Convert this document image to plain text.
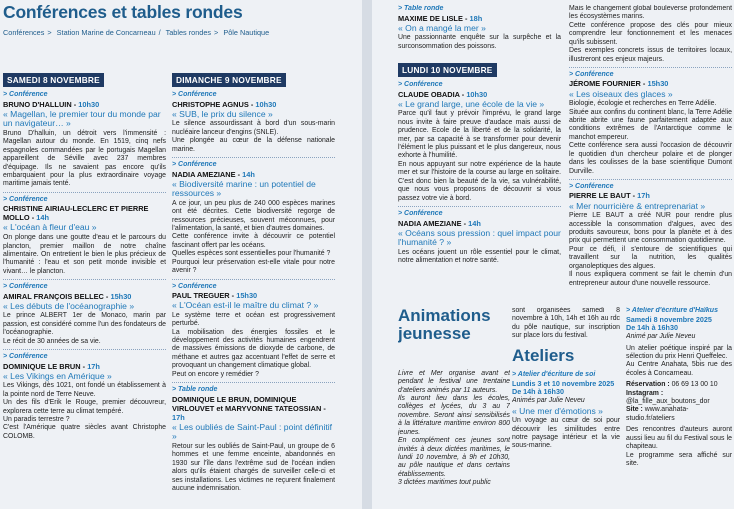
Conférences et tables rondes
Conférences > Station Marine de Concarneau / Tables rondes > Pôle Nautique
SAMEDI 8 NOVEMBRE
> Conférence
BRUNO D'HALLUIN - 10h30
« Magellan, le premier tour du monde par un navigateur… »
Bruno D'halluin, un détroit vers l'immensité : Magellan autour du monde. En 1519, cinq nefs espagnoles commandées par le portugais Magellan appareillent de Séville avec 237 membres d'équipage. Ils ne savaient pas encore qu'ils embarquaient pour la plus extraordinaire voyage maritime jamais tenté.
> Conférence
CHRISTINE AIRIAU-LECLERC ET PIERRE MOLLO - 14h
« L'océan à fleur d'eau »
On plonge dans une goutte d'eau et le parcours du plancton, premier maillon de notre chaîne alimentaire. On entretient le bien le plus précieux de l'humanité : l'eau et son petit monde invisible et vivant… le plancton.
> Conférence
AMIRAL FRANÇOIS BELLEC - 15h30
« Les débuts de l'océanographie »
Le prince ALBERT 1er de Monaco, marin par passion, est considéré comme l'un des fondateurs de l'océanographie.
Le récit de 30 années de sa vie.
> Conférence
DOMINIQUE LE BRUN - 17h
« Les Vikings en Amérique »
Les Vikings, dès 1021, ont fondé un établissement à la pointe nord de Terre Neuve.
Un des fils d'Erik le Rouge, premier découvreur, explorera cette terre au climat tempéré.
Un paradis terrestre ?
C'est l'Amérique quatre siècles avant Christophe COLOMB.
DIMANCHE 9 NOVEMBRE
> Conférence
CHRISTOPHE AGNUS - 10h30
« SUB, le prix du silence »
Le silence assourdissant à bord d'un sous-marin nucléaire lanceur d'engins (SNLE).
Une plongée au cœur de la défense nationale marine.
> Conférence
NADIA AMEZIANE - 14h
« Biodiversité marine : un potentiel de ressources »
A ce jour, un peu plus de 240 000 espèces marines ont été décrites. Cette biodiversité regorge de ressources précieuses, souvent méconnues, pour l'alimentation, la santé, et bien d'autres domaines.
Cette conférence invite à découvrir ce potentiel fascinant offert par les océans.
Quelles espèces sont essentielles pour l'humanité ?
Pourquoi leur préservation est-elle vitale pour notre avenir ?
> Conférence
PAUL TREGUER - 15h30
« L'Océan est-il le maître du climat ? »
Le système terre et océan est progressivement perturbé.
La mobilisation des énergies fossiles et le développement des activités humaines engendrent de massives émissions de dioxyde de carbone, de méthane et autres gaz accentuant l'effet de serre et provoquant un changement climatique global.
Peut on encore y remédier ?
> Table ronde
DOMINIQUE LE BRUN, DOMINIQUE VIRLOUVET et MARYVONNE TATEOSSIAN - 17h
« Les oubliés de Saint-Paul : point définitif »
Retour sur les oubliés de Saint-Paul, un groupe de 6 hommes et une femme enceinte, abandonnés en 1930 sur l'île dans l'extrême sud de l'océan indien alors qu'ils étaient chargés de surveiller celle-ci et ses installations. Les victimes ne reçurent finalement aucune indemnisation.
> Table ronde
MAXIME DE LISLE - 18h
« On a mangé la mer »
Une passionnante enquête sur la surpêche et la surconsommation des poissons.
LUNDI 10 NOVEMBRE
> Conférence
CLAUDE OBADIA - 10h30
« Le grand large, une école de la vie »
Parce qu'il faut y prévoir l'imprévu, le grand large nous invite à faire preuve d'audace mais aussi de prudence. Ecole de la liberté et de la solidarité, la mer, par sa capacité à se transformer pour devenir l'élément le plus puissant et le plus dangereux, nous exhorte à l'humilité.
En nous appuyant sur notre expérience de la haute mer et sur l'histoire de la course au large en solitaire. C'est donc bien la beauté de la vie, sa vulnérabilité, que nous vous proposons de découvrir si vous passez votre vie à bord.
> Conférence
NADIA AMEZIANE - 14h
« Océans sous pression : quel impact pour l'humanité ? »
Les océans jouent un rôle essentiel pour le climat, notre alimentation et notre santé.
Mais le changement global bouleverse profondément les écosystèmes marins.
Cette conférence propose des clés pour mieux comprendre leur fonctionnement et les menaces qu'ils subissent.
Des exemples concrets issus de territoires locaux, illustreront ces enjeux majeurs.
> Conférence
JÉROME FOURNIER - 15h30
« Les oiseaux des glaces »
Biologie, écologie et recherches en Terre Adélie.
Située aux confins du continent blanc, la Terre Adélie abrite abrite une faune parfaitement adaptée aux conditions extrêmes de l'Antarctique comme le manchot empereur.
Cette conférence sera aussi l'occasion de découvrir le quotidien d'un chercheur polaire et de plonger dans les coulisses de la base scientifique Dumont Durville.
> Conférence
PIERRE LE BAUT - 17h
« Mer nourricière & entreprenariat »
Pierre LE BAUT a créé NUR pour rendre plus accessible la consommation d'algues, avec des produits savoureux, bons pour la planète et à des prix qui permettent une consommation quotidienne.
Pour ce défi, il s'entoure de scientifiques qui travaillent sur la nutrition, les qualités organoleptiques des algues.
Il nous expliquera comment se fait le chemin d'un entrepreneur autour d'une nouvelle ressource.
Animations jeunesse
Livre et Mer organise avant et pendant le festival une trentaine d'ateliers animés par 11 auteurs.
Ils auront lieu dans les écoles, collèges et lycées, du 3 au 7 novembre. Seront ainsi sensibilisés à la littérature maritime environ 800 jeunes.
En complément ces jeunes sont invités à deux dictées maritimes, le lundi 10 novembre, à 9h et 10h30, au pôle nautique et dans certains établissements.
3 dictées maritimes tout public
sont organisées samedi 8 novembre à 10h, 14h et 16h au rdc du pôle nautique, sur inscription sur place lors du festival.
Ateliers
> Atelier d'écriture de soi
Lundis 3 et 10 novembre 2025
De 14h à 16h30
Animés par Julie Neveu
« Une mer d'émotions »
Un voyage au cœur de soi pour découvrir les similitudes entre notre paysage intérieur et la vie sous-marine.
> Atelier d'écriture d'Haïkus
Samedi 8 novembre 2025
De 14h à 16h30
Animé par Julie Neveu
Un atelier poétique inspiré par la sélection du prix Henri Queffelec.
Au Centre Anahata, 5bis rue des écoles à Concarneau.
Réservation : 06 69 13 00 10
Instagram : @la_fille_aux_boutons_dor
Site : www.anahata-studio.fr/ateliers
Des rencontres d'auteurs auront aussi lieu au fil du Festival sous le chapiteau.
Le programme sera affiché sur site.
